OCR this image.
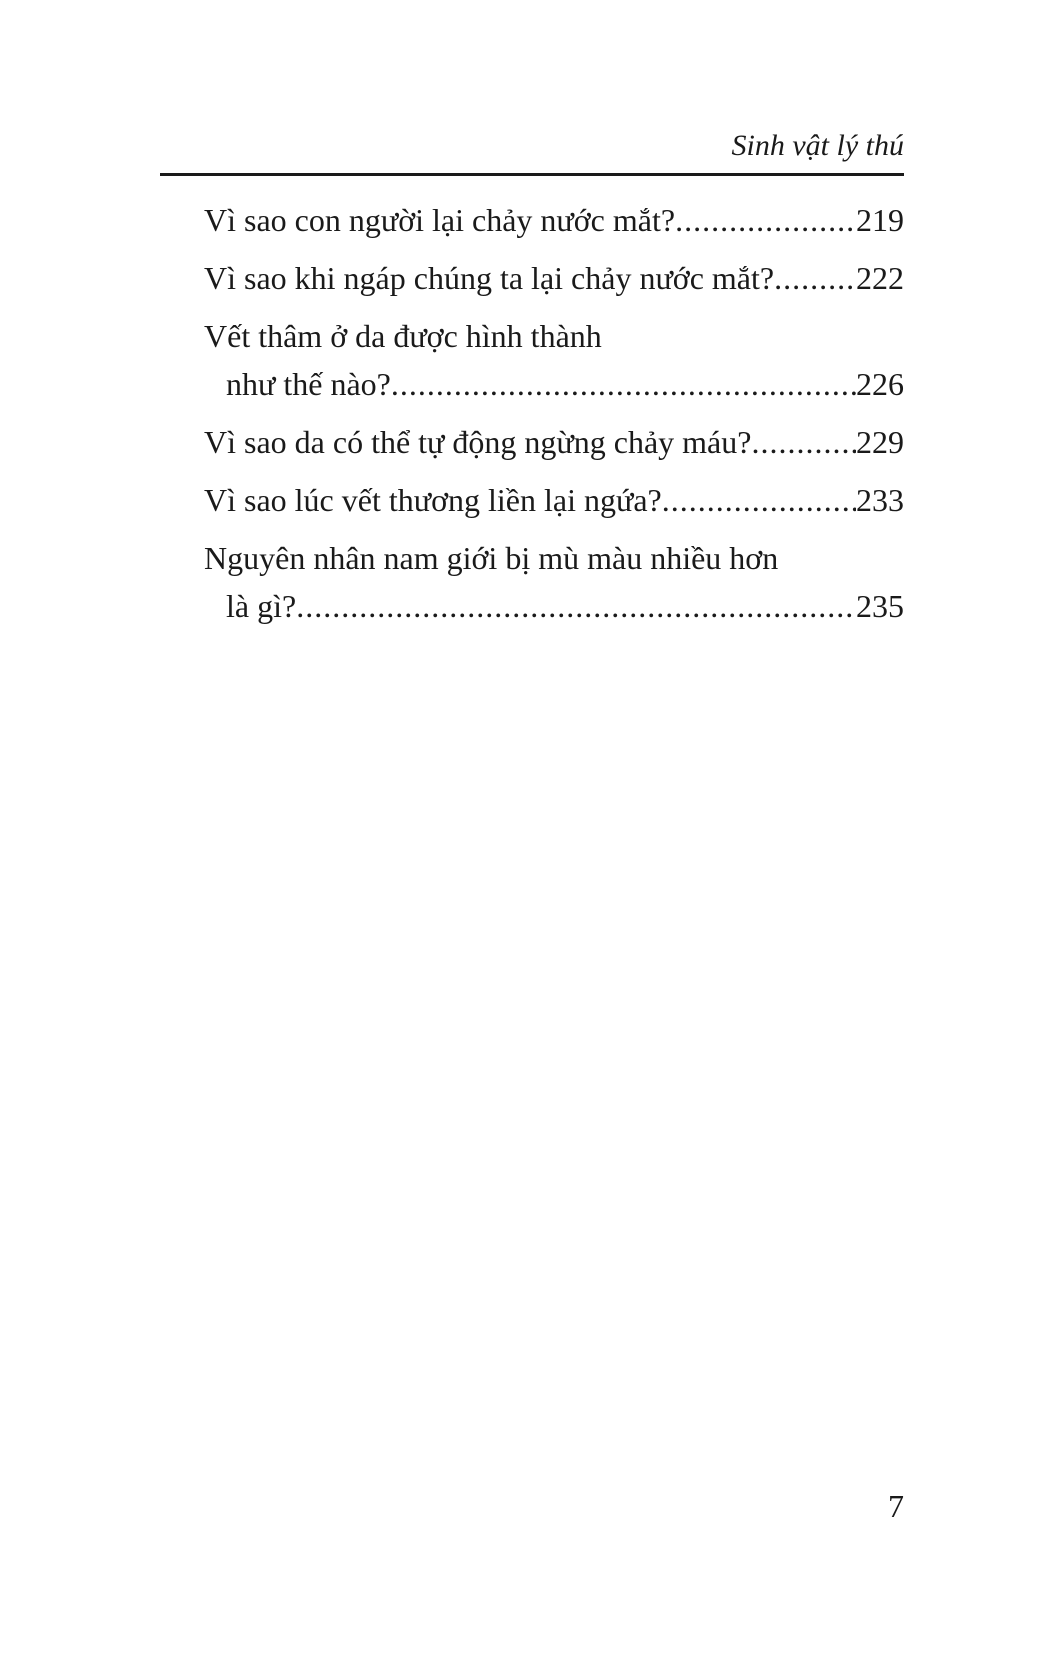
Sinh vật lý thú
Vì sao con người lại chảy nước mắt? .....	219
Vì sao khi ngáp chúng ta lại chảy nước mắt? .....	222
Vết thâm ở da được hình thành
như thế nào? .....	226
Vì sao da có thể tự động ngừng chảy máu? .....	229
Vì sao lúc vết thương liền lại ngứa? .....	233
Nguyên nhân nam giới bị mù màu nhiều hơn
là gì? .....	235
7
